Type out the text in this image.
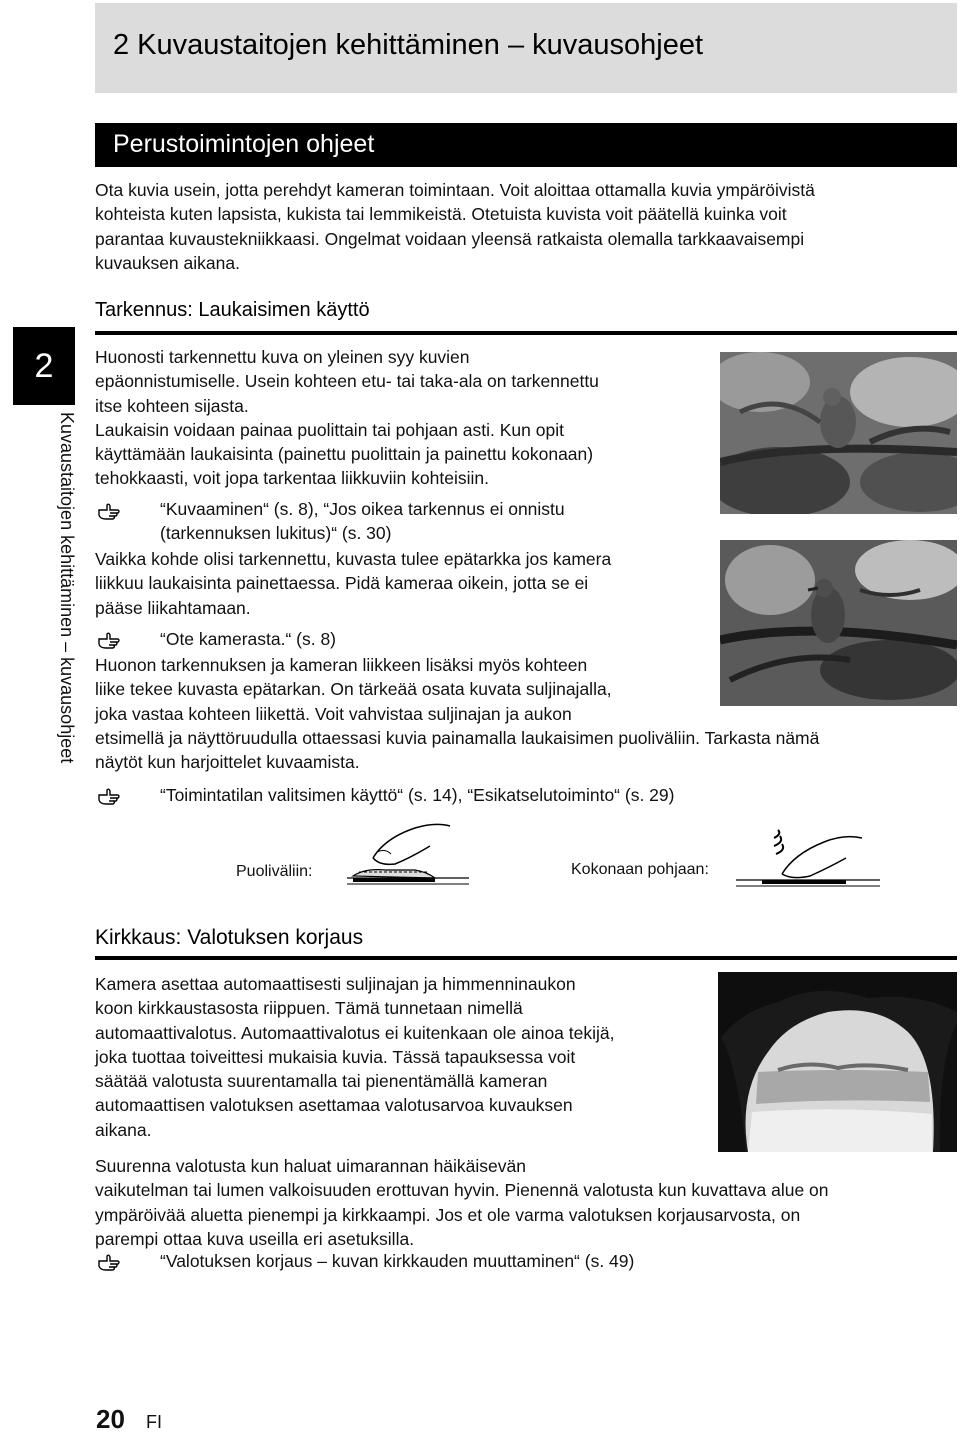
2 Kuvaustaitojen kehittäminen – kuvausohjeet
Perustoimintojen ohjeet
Ota kuvia usein, jotta perehdyt kameran toimintaan. Voit aloittaa ottamalla kuvia ympäröivistä
kohteista kuten lapsista, kukista tai lemmikeistä. Otetuista kuvista voit päätellä kuinka voit
parantaa kuvaustekniikkaasi. Ongelmat voidaan yleensä ratkaista olemalla tarkkaavaisempi
kuvauksen aikana.
2
Kuvaustaitojen kehittäminen – kuvausohjeet
Tarkennus: Laukaisimen käyttö
Huonosti tarkennettu kuva on yleinen syy kuvien
epäonnistumiselle. Usein kohteen etu- tai taka-ala on tarkennettu
itse kohteen sijasta.
Laukaisin voidaan painaa puolittain tai pohjaan asti. Kun opit
käyttämään laukaisinta (painettu puolittain ja painettu kokonaan)
tehokkaasti, voit jopa tarkentaa liikkuviin kohteisiin.
“Kuvaaminen“ (s. 8), “Jos oikea tarkennus ei onnistu
(tarkennuksen lukitus)“ (s. 30)
Vaikka kohde olisi tarkennettu, kuvasta tulee epätarkka jos kamera
liikkuu laukaisinta painettaessa. Pidä kameraa oikein, jotta se ei
pääse liikahtamaan.
“Ote kamerasta.“ (s. 8)
Huonon tarkennuksen ja kameran liikkeen lisäksi myös kohteen
liike tekee kuvasta epätarkan. On tärkeää osata kuvata suljinajalla,
joka vastaa kohteen liikettä. Voit vahvistaa suljinajan ja aukon
etsimellä ja näyttöruudulla ottaessasi kuvia painamalla laukaisimen puoliväliin. Tarkasta nämä
näytöt kun harjoittelet kuvaamista.
“Toimintatilan valitsimen käyttö“ (s. 14), “Esikatselutoiminto“ (s. 29)
Puoliväliin:	Kokonaan pohjaan:
Kirkkaus: Valotuksen korjaus
Kamera asettaa automaattisesti suljinajan ja himmenninaukon
koon kirkkaustasosta riippuen. Tämä tunnetaan nimellä
automaattivalotus. Automaattivalotus ei kuitenkaan ole ainoa tekijä,
joka tuottaa toiveittesi mukaisia kuvia. Tässä tapauksessa voit
säätää valotusta suurentamalla tai pienentämällä kameran
automaattisen valotuksen asettamaa valotusarvoa kuvauksen
aikana.
Suurenna valotusta kun haluat uimarannan häikäisevän
vaikutelman tai lumen valkoisuuden erottuvan hyvin. Pienennä valotusta kun kuvattava alue on
ympäröivää aluetta pienempi ja kirkkaampi. Jos et ole varma valotuksen korjausarvosta, on
parempi ottaa kuva useilla eri asetuksilla.
“Valotuksen korjaus – kuvan kirkkauden muuttaminen“ (s. 49)
20 FI
